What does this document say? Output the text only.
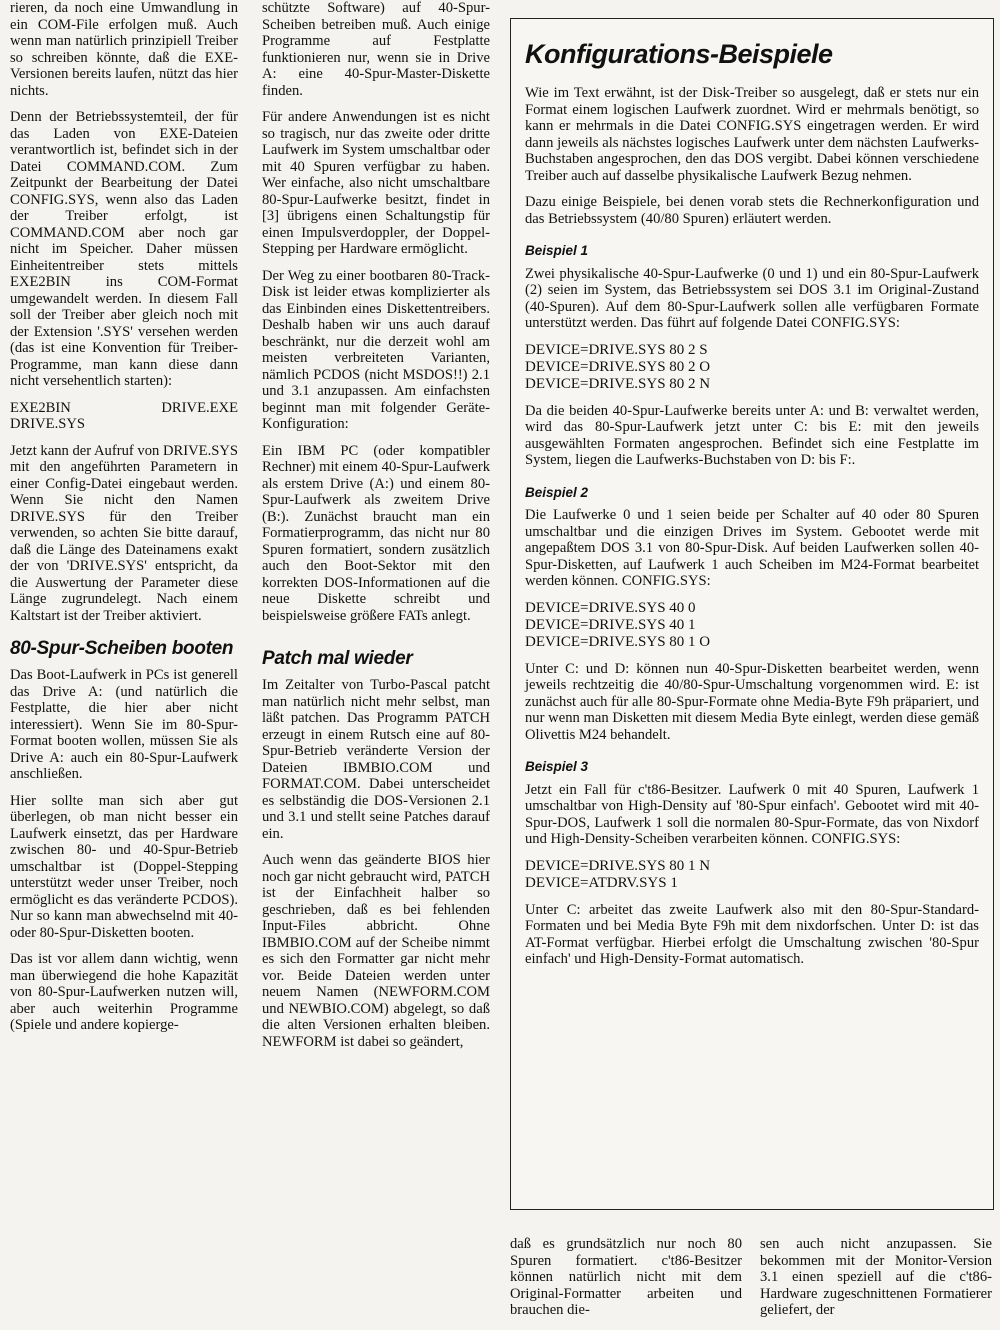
rieren, da noch eine Umwandlung in ein COM-File erfolgen muß. Auch wenn man natürlich prinzipiell Treiber so schreiben könnte, daß die EXE-Versionen bereits laufen, nützt das hier nichts.

Denn der Betriebssystemteil, der für das Laden von EXE-Dateien verantwortlich ist, befindet sich in der Datei COMMAND.COM. Zum Zeitpunkt der Bearbeitung der Datei CONFIG.SYS, wenn also das Laden der Treiber erfolgt, ist COMMAND.COM aber noch gar nicht im Speicher. Daher müssen Einheitentreiber stets mittels EXE2BIN ins COM-Format umgewandelt werden. In diesem Fall soll der Treiber aber gleich noch mit der Extension '.SYS' versehen werden (das ist eine Konvention für Treiber-Programme, man kann diese dann nicht versehentlich starten):

EXE2BIN	DRIVE.EXE
DRIVE.SYS

Jetzt kann der Aufruf von DRIVE.SYS mit den angeführten Parametern in einer Config-Datei eingebaut werden. Wenn Sie nicht den Namen DRIVE.SYS für den Treiber verwenden, so achten Sie bitte darauf, daß die Länge des Dateinamens exakt der von 'DRIVE.SYS' entspricht, da die Auswertung der Parameter diese Länge zugrundelegt. Nach einem Kaltstart ist der Treiber aktiviert.

80-Spur-Scheiben booten

Das Boot-Laufwerk in PCs ist generell das Drive A: (und natürlich die Festplatte, die hier aber nicht interessiert). Wenn Sie im 80-Spur-Format booten wollen, müssen Sie als Drive A: auch ein 80-Spur-Laufwerk anschließen.

Hier sollte man sich aber gut überlegen, ob man nicht besser ein Laufwerk einsetzt, das per Hardware zwischen 80- und 40-Spur-Betrieb umschaltbar ist (Doppel-Stepping unterstützt weder unser Treiber, noch ermöglicht es das veränderte PCDOS). Nur so kann man abwechselnd mit 40- oder 80-Spur-Disketten booten.

Das ist vor allem dann wichtig, wenn man überwiegend die hohe Kapazität von 80-Spur-Laufwerken nutzen will, aber auch weiterhin Programme (Spiele und andere kopierge-

schützte Software) auf 40-Spur-Scheiben betreiben muß. Auch einige Programme auf Festplatte funktionieren nur, wenn sie in Drive A: eine 40-Spur-Master-Diskette finden.

Für andere Anwendungen ist es nicht so tragisch, nur das zweite oder dritte Laufwerk im System umschaltbar oder mit 40 Spuren verfügbar zu haben. Wer einfache, also nicht umschaltbare 80-Spur-Laufwerke besitzt, findet in [3] übrigens einen Schaltungstip für einen Impulsverdoppler, der Doppel-Stepping per Hardware ermöglicht.

Der Weg zu einer bootbaren 80-Track-Disk ist leider etwas komplizierter als das Einbinden eines Diskettentreibers. Deshalb haben wir uns auch darauf beschränkt, nur die derzeit wohl am meisten verbreiteten Varianten, nämlich PCDOS (nicht MSDOS!!) 2.1 und 3.1 anzupassen. Am einfachsten beginnt man mit folgender Geräte-Konfiguration:

Ein IBM PC (oder kompatibler Rechner) mit einem 40-Spur-Laufwerk als erstem Drive (A:) und einem 80-Spur-Laufwerk als zweitem Drive (B:). Zunächst braucht man ein Formatierprogramm, das nicht nur 80 Spuren formatiert, sondern zusätzlich auch den Boot-Sektor mit den korrekten DOS-Informationen auf die neue Diskette schreibt und beispielsweise größere FATs anlegt.

Patch mal wieder

Im Zeitalter von Turbo-Pascal patcht man natürlich nicht mehr selbst, man läßt patchen. Das Programm PATCH erzeugt in einem Rutsch eine auf 80-Spur-Betrieb veränderte Version der Dateien IBMBIO.COM und FORMAT.COM. Dabei unterscheidet es selbständig die DOS-Versionen 2.1 und 3.1 und stellt seine Patches darauf ein.

Auch wenn das geänderte BIOS hier noch gar nicht gebraucht wird, PATCH ist der Einfachheit halber so geschrieben, daß es bei fehlenden Input-Files abbricht. Ohne IBMBIO.COM auf der Scheibe nimmt es sich den Formatter gar nicht mehr vor. Beide Dateien werden unter neuem Namen (NEWFORM.COM und NEWBIO.COM) abgelegt, so daß die alten Versionen erhalten bleiben. NEWFORM ist dabei so geändert,

Konfigurations-Beispiele

Wie im Text erwähnt, ist der Disk-Treiber so ausgelegt, daß er stets nur ein Format einem logischen Laufwerk zuordnet. Wird er mehrmals benötigt, so kann er mehrmals in die Datei CONFIG.SYS eingetragen werden. Er wird dann jeweils als nächstes logisches Laufwerk unter dem nächsten Laufwerks-Buchstaben angesprochen, den das DOS vergibt. Dabei können verschiedene Treiber auch auf dasselbe physikalische Laufwerk Bezug nehmen.

Dazu einige Beispiele, bei denen vorab stets die Rechnerkonfiguration und das Betriebssystem (40/80 Spuren) erläutert werden.

Beispiel 1

Zwei physikalische 40-Spur-Laufwerke (0 und 1) und ein 80-Spur-Laufwerk (2) seien im System, das Betriebssystem sei DOS 3.1 im Original-Zustand (40-Spuren). Auf dem 80-Spur-Laufwerk sollen alle verfügbaren Formate unterstützt werden. Das führt auf folgende Datei CONFIG.SYS:

DEVICE=DRIVE.SYS 80 2 S
DEVICE=DRIVE.SYS 80 2 O
DEVICE=DRIVE.SYS 80 2 N

Da die beiden 40-Spur-Laufwerke bereits unter A: und B: verwaltet werden, wird das 80-Spur-Laufwerk jetzt unter C: bis E: mit den jeweils ausgewählten Formaten angesprochen. Befindet sich eine Festplatte im System, liegen die Laufwerks-Buchstaben von D: bis F:.

Beispiel 2

Die Laufwerke 0 und 1 seien beide per Schalter auf 40 oder 80 Spuren umschaltbar und die einzigen Drives im System. Gebootet werde mit angepaßtem DOS 3.1 von 80-Spur-Disk. Auf beiden Laufwerken sollen 40-Spur-Disketten, auf Laufwerk 1 auch Scheiben im M24-Format bearbeitet werden können. CONFIG.SYS:

DEVICE=DRIVE.SYS 40 0
DEVICE=DRIVE.SYS 40 1
DEVICE=DRIVE.SYS 80 1 O

Unter C: und D: können nun 40-Spur-Disketten bearbeitet werden, wenn jeweils rechtzeitig die 40/80-Spur-Umschaltung vorgenommen wird. E: ist zunächst auch für alle 80-Spur-Formate ohne Media-Byte F9h präpariert, und nur wenn man Disketten mit diesem Media Byte einlegt, werden diese gemäß Olivettis M24 behandelt.

Beispiel 3

Jetzt ein Fall für c't86-Besitzer. Laufwerk 0 mit 40 Spuren, Laufwerk 1 umschaltbar von High-Density auf '80-Spur einfach'. Gebootet wird mit 40-Spur-DOS, Laufwerk 1 soll die normalen 80-Spur-Formate, das von Nixdorf und High-Density-Scheiben verarbeiten können. CONFIG.SYS:

DEVICE=DRIVE.SYS 80 1 N
DEVICE=ATDRV.SYS 1

Unter C: arbeitet das zweite Laufwerk also mit den 80-Spur-Standard-Formaten und bei Media Byte F9h mit dem nixdorfschen. Unter D: ist das AT-Format verfügbar. Hierbei erfolgt die Umschaltung zwischen '80-Spur einfach' und High-Density-Format automatisch.

daß es grundsätzlich nur noch 80 Spuren formatiert. c't86-Besitzer können natürlich nicht mit dem Original-Formatter arbeiten und brauchen die-

sen auch nicht anzupassen. Sie bekommen mit der Monitor-Version 3.1 einen speziell auf die c't86-Hardware zugeschnittenen Formatierer geliefert, der
